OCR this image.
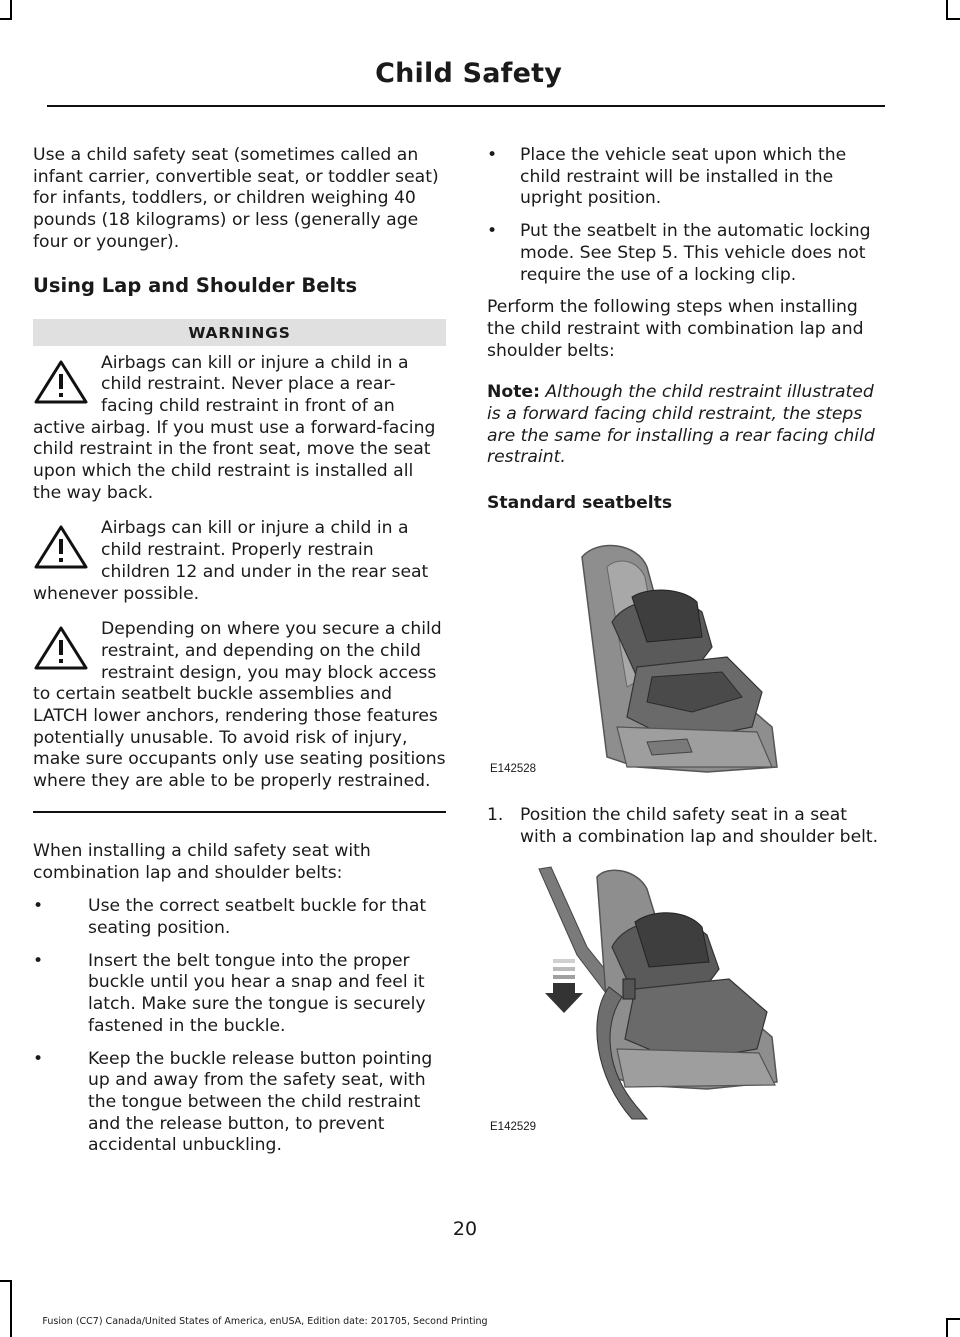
Child Safety

Use a child safety seat (sometimes called an infant carrier, convertible seat, or toddler seat) for infants, toddlers, or children weighing 40 pounds (18 kilograms) or less (generally age four or younger).

Using Lap and Shoulder Belts
WARNINGS

Airbags can kill or injure a child in a child restraint. Never place a rear-facing child restraint in front of an active airbag. If you must use a forward-facing child restraint in the front seat, move the seat upon which the child restraint is installed all the way back.

Airbags can kill or injure a child in a child restraint. Properly restrain children 12 and under in the rear seat whenever possible.

Depending on where you secure a child restraint, and depending on the child restraint design, you may block access to certain seatbelt buckle assemblies and LATCH lower anchors, rendering those features potentially unusable. To avoid risk of injury, make sure occupants only use seating positions where they are able to be properly restrained.

When installing a child safety seat with combination lap and shoulder belts:

•	Use the correct seatbelt buckle for that seating position.
•	Insert the belt tongue into the proper buckle until you hear a snap and feel it latch. Make sure the tongue is securely fastened in the buckle.
•	Keep the buckle release button pointing up and away from the safety seat, with the tongue between the child restraint and the release button, to prevent accidental unbuckling.
• Place the vehicle seat upon which the child restraint will be installed in the upright position.
• Put the seatbelt in the automatic locking mode. See Step 5. This vehicle does not require the use of a locking clip.

Perform the following steps when installing the child restraint with combination lap and shoulder belts:

Note: Although the child restraint illustrated is a forward facing child restraint, the steps are the same for installing a rear facing child restraint.

Standard seatbelts
E142528
1. Position the child safety seat in a seat with a combination lap and shoulder belt.
E142529
20
Fusion (CC7) Canada/United States of America, enUSA, Edition date: 201705, Second Printing
